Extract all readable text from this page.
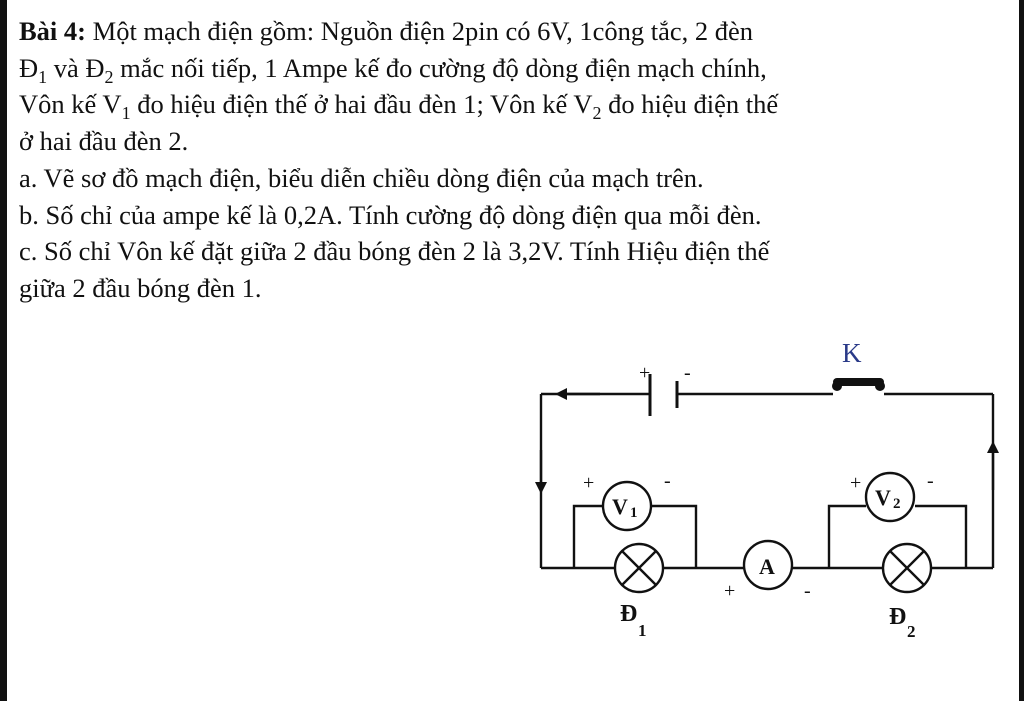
Bài 4: Một mạch điện gồm: Nguồn điện 2pin có 6V, 1công tắc, 2 đèn

$Đ_1$ và $Đ_2$ mắc nối tiếp, 1 Ampe kế đo cường độ dòng điện mạch chính,

Vôn kế $V_1$ đo hiệu điện thế ở hai đầu đèn 1; Vôn kế $V_2$ đo hiệu điện thế

ở hai đầu đèn 2.

a. Vẽ sơ đồ mạch điện, biểu diễn chiều dòng điện của mạch trên.

b. Số chỉ của ampe kế là 0,2A. Tính cường độ dòng điện qua mỗi đèn.

c. Số chỉ Vôn kế đặt giữa 2 đầu bóng đèn 2 là 3,2V. Tính Hiệu điện thế

giữa 2 đầu bóng đèn 1.

+ -
K
V 1
+	-
V 2
+	-
Đ
1
A
+	-
Đ
2
